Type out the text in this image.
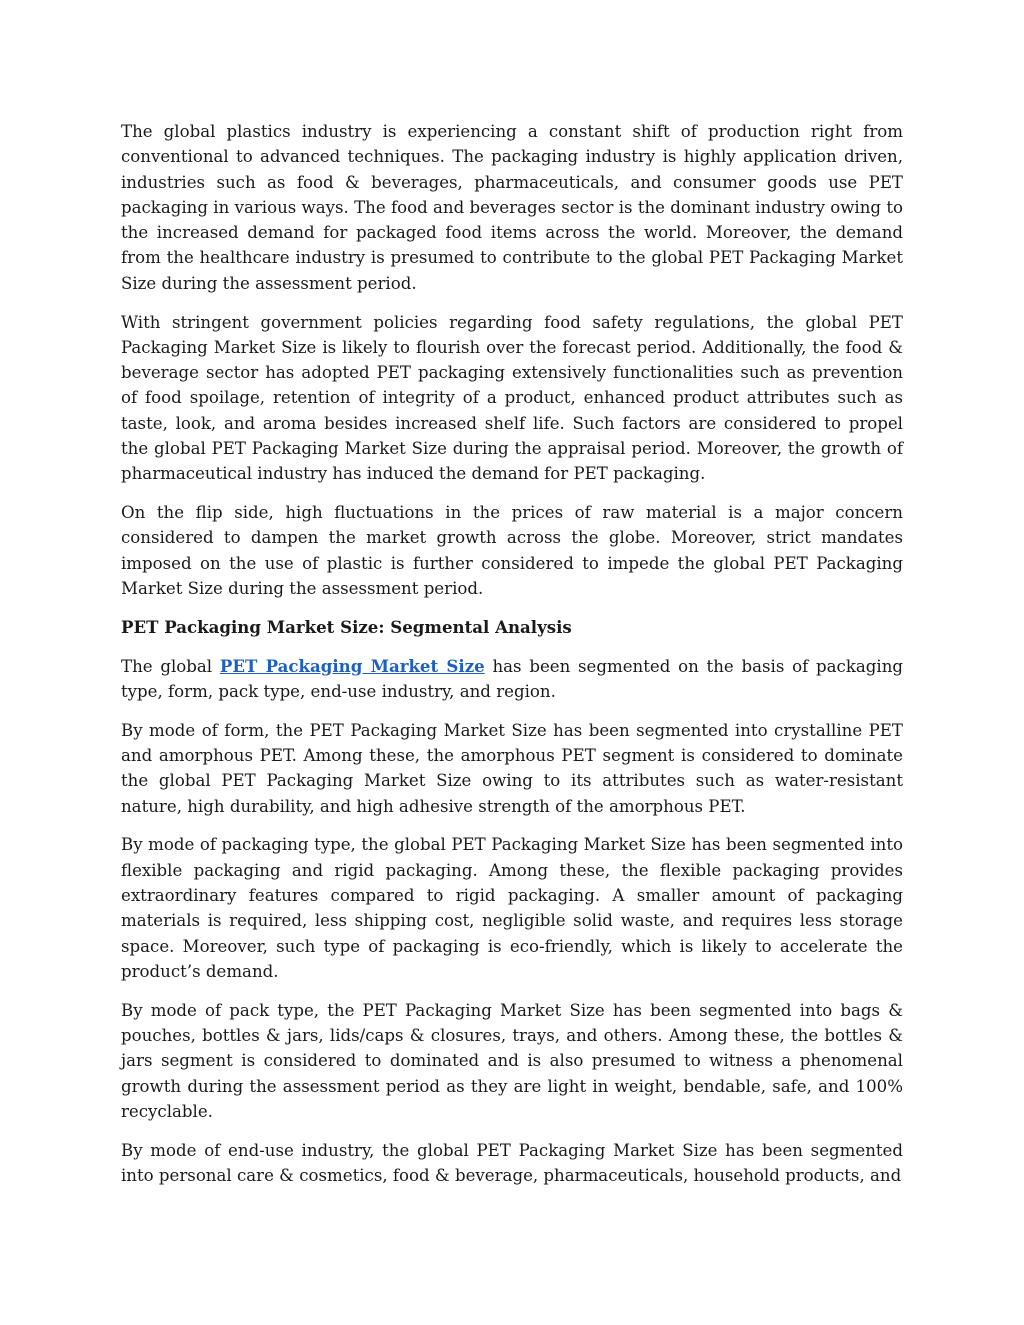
The global plastics industry is experiencing a constant shift of production right from conventional to advanced techniques. The packaging industry is highly application driven, industries such as food & beverages, pharmaceuticals, and consumer goods use PET packaging in various ways. The food and beverages sector is the dominant industry owing to the increased demand for packaged food items across the world. Moreover, the demand from the healthcare industry is presumed to contribute to the global PET Packaging Market Size during the assessment period.

With stringent government policies regarding food safety regulations, the global PET Packaging Market Size is likely to flourish over the forecast period. Additionally, the food & beverage sector has adopted PET packaging extensively functionalities such as prevention of food spoilage, retention of integrity of a product, enhanced product attributes such as taste, look, and aroma besides increased shelf life. Such factors are considered to propel the global PET Packaging Market Size during the appraisal period. Moreover, the growth of pharmaceutical industry has induced the demand for PET packaging.

On the flip side, high fluctuations in the prices of raw material is a major concern considered to dampen the market growth across the globe. Moreover, strict mandates imposed on the use of plastic is further considered to impede the global PET Packaging Market Size during the assessment period.

PET Packaging Market Size: Segmental Analysis

The global PET Packaging Market Size has been segmented on the basis of packaging type, form, pack type, end-use industry, and region.

By mode of form, the PET Packaging Market Size has been segmented into crystalline PET and amorphous PET. Among these, the amorphous PET segment is considered to dominate the global PET Packaging Market Size owing to its attributes such as water-resistant nature, high durability, and high adhesive strength of the amorphous PET.

By mode of packaging type, the global PET Packaging Market Size has been segmented into flexible packaging and rigid packaging. Among these, the flexible packaging provides extraordinary features compared to rigid packaging. A smaller amount of packaging materials is required, less shipping cost, negligible solid waste, and requires less storage space. Moreover, such type of packaging is eco-friendly, which is likely to accelerate the product’s demand.

By mode of pack type, the PET Packaging Market Size has been segmented into bags & pouches, bottles & jars, lids/caps & closures, trays, and others. Among these, the bottles & jars segment is considered to dominated and is also presumed to witness a phenomenal growth during the assessment period as they are light in weight, bendable, safe, and 100% recyclable.

By mode of end-use industry, the global PET Packaging Market Size has been segmented into personal care & cosmetics, food & beverage, pharmaceuticals, household products, and
